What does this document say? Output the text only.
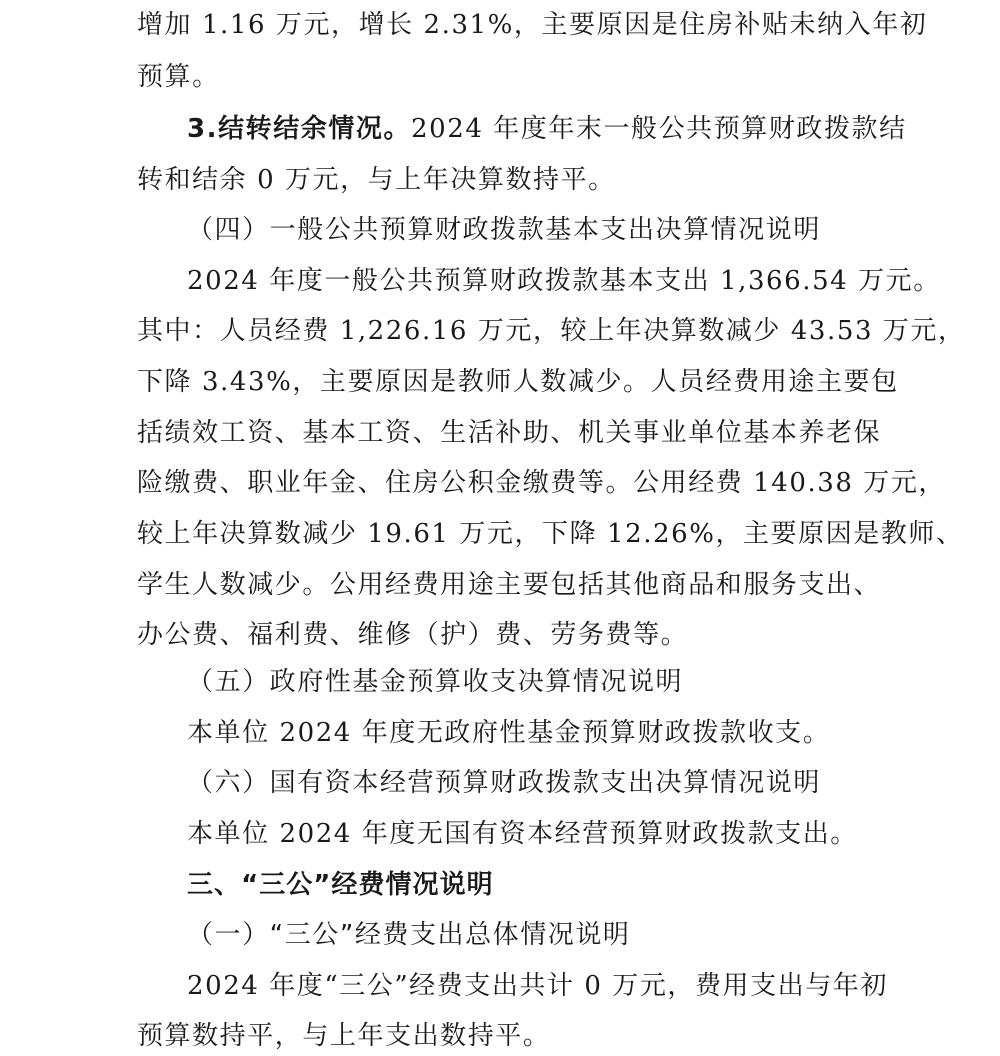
增加 1.16 万元，增长 2.31%，主要原因是住房补贴未纳入年初
预算。
3.结转结余情况。2024 年度年末一般公共预算财政拨款结
转和结余 0 万元，与上年决算数持平。
（四）一般公共预算财政拨款基本支出决算情况说明
2024 年度一般公共预算财政拨款基本支出 1,366.54 万元。
其中：人员经费 1,226.16 万元，较上年决算数减少 43.53 万元，
下降 3.43%，主要原因是教师人数减少。人员经费用途主要包
括绩效工资、基本工资、生活补助、机关事业单位基本养老保
险缴费、职业年金、住房公积金缴费等。公用经费 140.38 万元，
较上年决算数减少 19.61 万元，下降 12.26%，主要原因是教师、
学生人数减少。公用经费用途主要包括其他商品和服务支出、
办公费、福利费、维修（护）费、劳务费等。
（五）政府性基金预算收支决算情况说明
本单位 2024 年度无政府性基金预算财政拨款收支。
（六）国有资本经营预算财政拨款支出决算情况说明
本单位 2024 年度无国有资本经营预算财政拨款支出。
三、“三公”经费情况说明
（一）“三公”经费支出总体情况说明
2024 年度“三公”经费支出共计 0 万元，费用支出与年初
预算数持平，与上年支出数持平。
